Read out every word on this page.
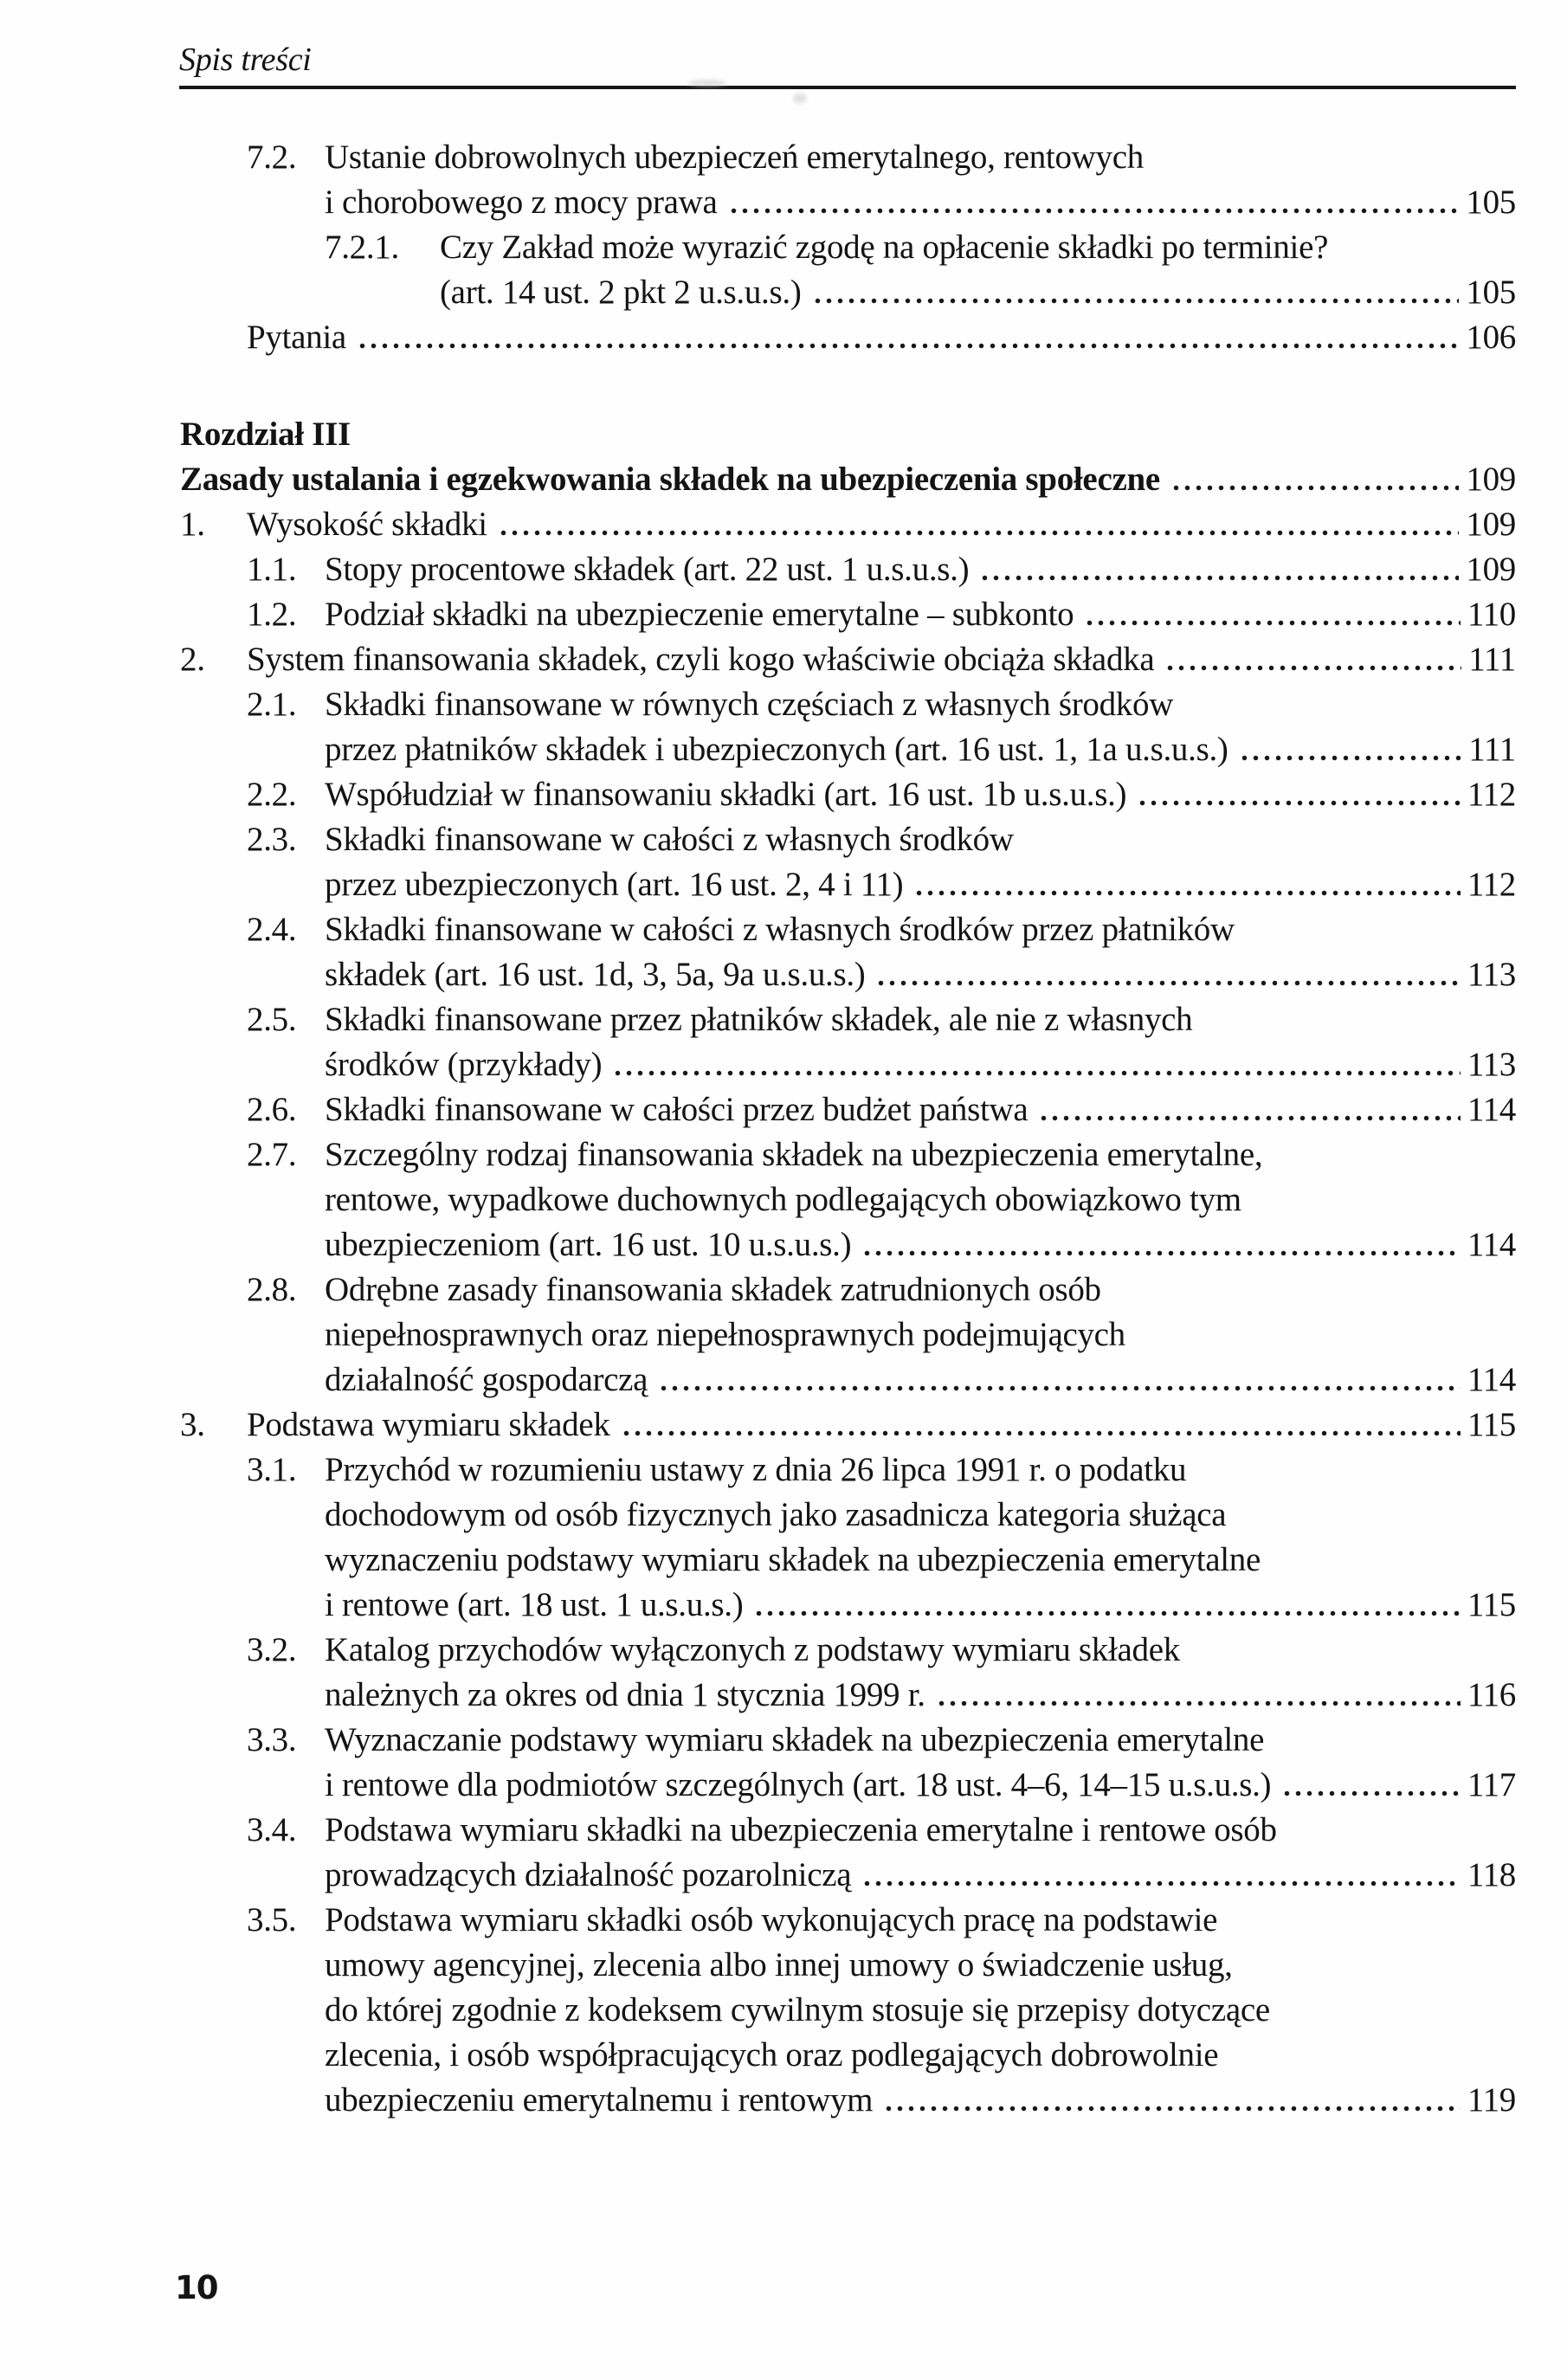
Spis treści
7.2. Ustanie dobrowolnych ubezpieczeń emerytalnego, rentowych
i chorobowego z mocy prawa	105
7.2.1.	Czy Zakład może wyrazić zgodę na opłacenie składki po terminie?
(art. 14 ust. 2 pkt 2 u.s.u.s.)	105
Pytania	106
Rozdział III
Zasady ustalania i egzekwowania składek na ubezpieczenia społeczne	109
1.	Wysokość składki	109
1.1. Stopy procentowe składek (art. 22 ust. 1 u.s.u.s.)	109
1.2. Podział składki na ubezpieczenie emerytalne – subkonto	110
2.	System finansowania składek, czyli kogo właściwie obciąża składka	111
2.1. Składki finansowane w równych częściach z własnych środków
przez płatników składek i ubezpieczonych (art. 16 ust. 1, 1a u.s.u.s.)	111
2.2. Współudział w finansowaniu składki (art. 16 ust. 1b u.s.u.s.)	112
2.3. Składki finansowane w całości z własnych środków
przez ubezpieczonych (art. 16 ust. 2, 4 i 11)	112
2.4. Składki finansowane w całości z własnych środków przez płatników
składek (art. 16 ust. 1d, 3, 5a, 9a u.s.u.s.)	113
2.5. Składki finansowane przez płatników składek, ale nie z własnych
środków (przykłady)	113
2.6. Składki finansowane w całości przez budżet państwa	114
2.7. Szczególny rodzaj finansowania składek na ubezpieczenia emerytalne,
rentowe, wypadkowe duchownych podlegających obowiązkowo tym
ubezpieczeniom (art. 16 ust. 10 u.s.u.s.)	114
2.8. Odrębne zasady finansowania składek zatrudnionych osób
niepełnosprawnych oraz niepełnosprawnych podejmujących
działalność gospodarczą	114
3.	Podstawa wymiaru składek	115
3.1. Przychód w rozumieniu ustawy z dnia 26 lipca 1991 r. o podatku
dochodowym od osób fizycznych jako zasadnicza kategoria służąca
wyznaczeniu podstawy wymiaru składek na ubezpieczenia emerytalne
i rentowe (art. 18 ust. 1 u.s.u.s.)	115
3.2. Katalog przychodów wyłączonych z podstawy wymiaru składek
należnych za okres od dnia 1 stycznia 1999 r.	116
3.3. Wyznaczanie podstawy wymiaru składek na ubezpieczenia emerytalne
i rentowe dla podmiotów szczególnych (art. 18 ust. 4–6, 14–15 u.s.u.s.)	117
3.4. Podstawa wymiaru składki na ubezpieczenia emerytalne i rentowe osób
prowadzących działalność pozarolniczą	118
3.5. Podstawa wymiaru składki osób wykonujących pracę na podstawie
umowy agencyjnej, zlecenia albo innej umowy o świadczenie usług,
do której zgodnie z kodeksem cywilnym stosuje się przepisy dotyczące
zlecenia, i osób współpracujących oraz podlegających dobrowolnie
ubezpieczeniu emerytalnemu i rentowym	119
10
